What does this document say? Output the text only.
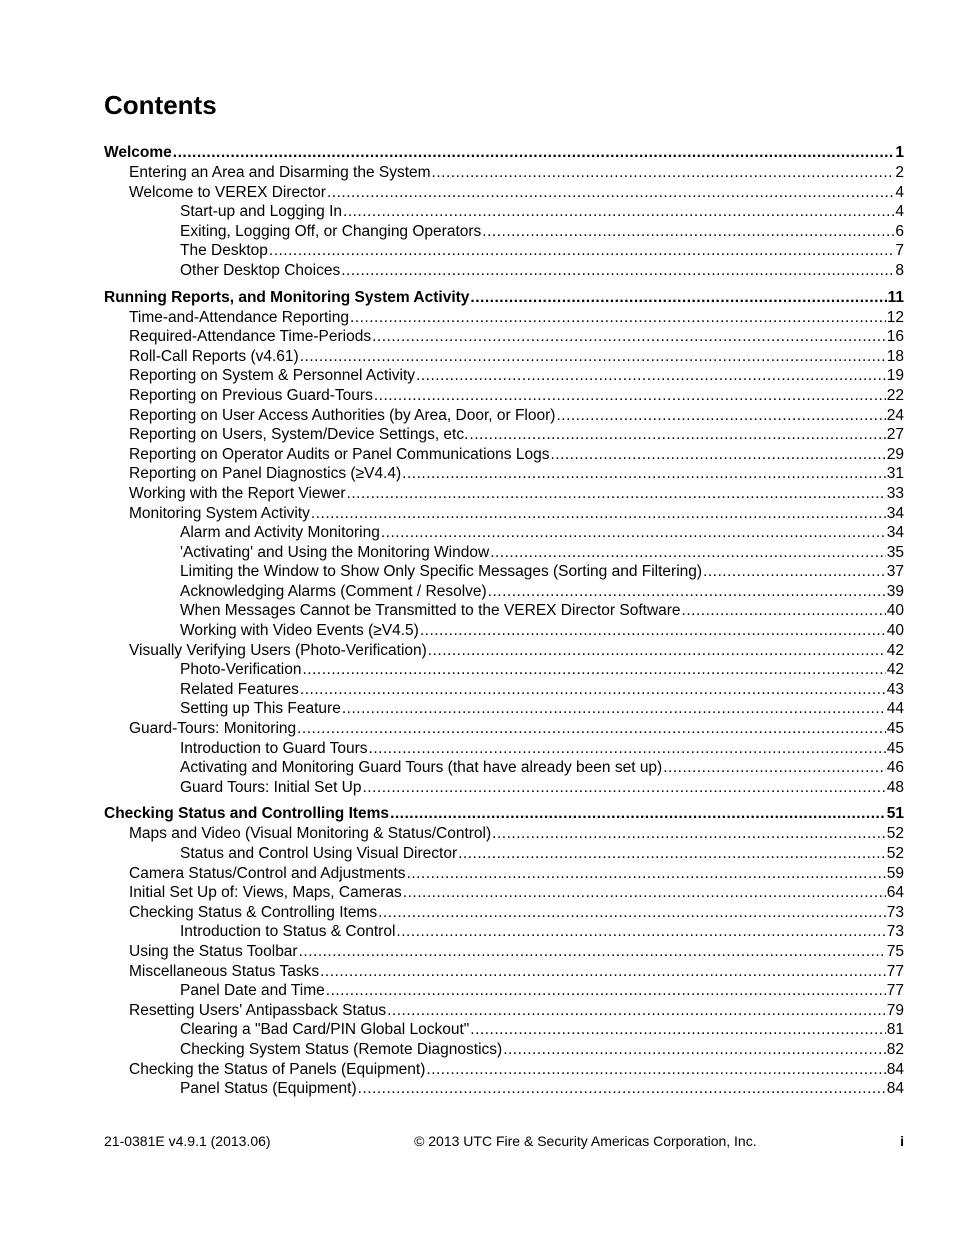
Contents
Welcome .....	1
Entering an Area and Disarming the System .....	2
Welcome to VEREX Director .....	4
Start-up and Logging In .....	4
Exiting, Logging Off, or Changing Operators .....	6
The Desktop .....	7
Other Desktop Choices .....	8
Running Reports, and Monitoring System Activity .....	11
Time-and-Attendance Reporting .....	12
Required-Attendance Time-Periods .....	16
Roll-Call Reports (v4.61) .....	18
Reporting on System & Personnel Activity .....	19
Reporting on Previous Guard-Tours .....	22
Reporting on User Access Authorities (by Area, Door, or Floor) .....	24
Reporting on Users, System/Device Settings, etc. .....	27
Reporting on Operator Audits or Panel Communications Logs .....	29
Reporting on Panel Diagnostics (≥V4.4) .....	31
Working with the Report Viewer .....	33
Monitoring System Activity .....	34
Alarm and Activity Monitoring .....	34
'Activating' and Using the Monitoring Window .....	35
Limiting the Window to Show Only Specific Messages (Sorting and Filtering) .....	37
Acknowledging Alarms (Comment / Resolve) .....	39
When Messages Cannot be Transmitted to the VEREX Director Software .....	40
Working with Video Events (≥V4.5) .....	40
Visually Verifying Users (Photo-Verification) .....	42
Photo-Verification .....	42
Related Features .....	43
Setting up This Feature .....	44
Guard-Tours: Monitoring .....	45
Introduction to Guard Tours .....	45
Activating and Monitoring Guard Tours (that have already been set up) .....	46
Guard Tours: Initial Set Up .....	48
Checking Status and Controlling Items .....	51
Maps and Video (Visual Monitoring & Status/Control) .....	52
Status and Control Using Visual Director .....	52
Camera Status/Control and Adjustments .....	59
Initial Set Up of: Views, Maps, Cameras .....	64
Checking Status & Controlling Items .....	73
Introduction to Status & Control .....	73
Using the Status Toolbar .....	75
Miscellaneous Status Tasks .....	77
Panel Date and Time .....	77
Resetting Users' Antipassback Status .....	79
Clearing a "Bad Card/PIN Global Lockout" .....	81
Checking System Status (Remote Diagnostics) .....	82
Checking the Status of Panels (Equipment) .....	84
Panel Status (Equipment) .....	84
21-0381E v4.9.1 (2013.06)	© 2013 UTC Fire & Security Americas Corporation, Inc.	i
